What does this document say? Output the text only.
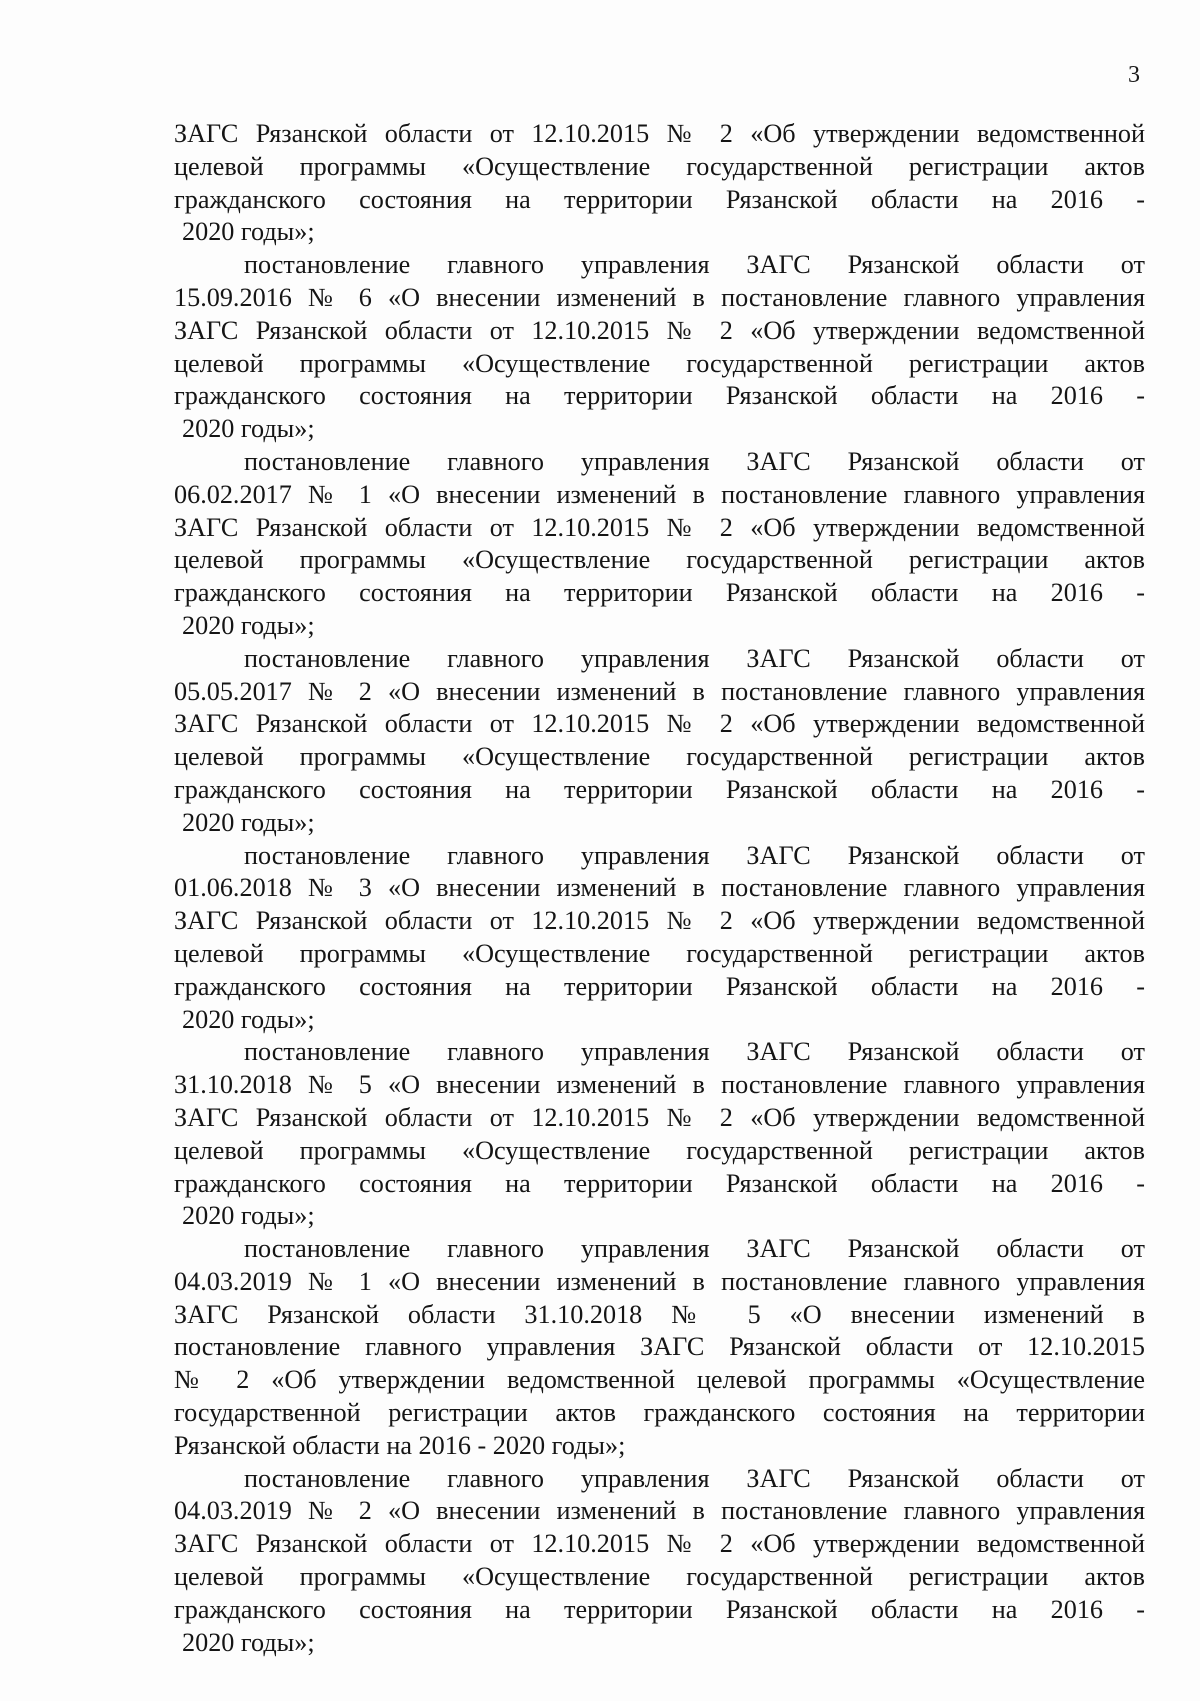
3
ЗАГС Рязанской области от 12.10.2015 № 2 «Об утверждении ведомственной
целевой программы «Осуществление государственной регистрации актов
гражданского состояния на территории Рязанской области на 2016 -
2020 годы»;
постановление главного управления ЗАГС Рязанской области от
15.09.2016 № 6 «О внесении изменений в постановление главного управления
ЗАГС Рязанской области от 12.10.2015 № 2 «Об утверждении ведомственной
целевой программы «Осуществление государственной регистрации актов
гражданского состояния на территории Рязанской области на 2016 -
2020 годы»;
постановление главного управления ЗАГС Рязанской области от
06.02.2017 № 1 «О внесении изменений в постановление главного управления
ЗАГС Рязанской области от 12.10.2015 № 2 «Об утверждении ведомственной
целевой программы «Осуществление государственной регистрации актов
гражданского состояния на территории Рязанской области на 2016 -
2020 годы»;
постановление главного управления ЗАГС Рязанской области от
05.05.2017 № 2 «О внесении изменений в постановление главного управления
ЗАГС Рязанской области от 12.10.2015 № 2 «Об утверждении ведомственной
целевой программы «Осуществление государственной регистрации актов
гражданского состояния на территории Рязанской области на 2016 -
2020 годы»;
постановление главного управления ЗАГС Рязанской области от
01.06.2018 № 3 «О внесении изменений в постановление главного управления
ЗАГС Рязанской области от 12.10.2015 № 2 «Об утверждении ведомственной
целевой программы «Осуществление государственной регистрации актов
гражданского состояния на территории Рязанской области на 2016 -
2020 годы»;
постановление главного управления ЗАГС Рязанской области от
31.10.2018 № 5 «О внесении изменений в постановление главного управления
ЗАГС Рязанской области от 12.10.2015 № 2 «Об утверждении ведомственной
целевой программы «Осуществление государственной регистрации актов
гражданского состояния на территории Рязанской области на 2016 -
2020 годы»;
постановление главного управления ЗАГС Рязанской области от
04.03.2019 № 1 «О внесении изменений в постановление главного управления
ЗАГС Рязанской области 31.10.2018 № 5 «О внесении изменений в
постановление главного управления ЗАГС Рязанской области от 12.10.2015
№ 2 «Об утверждении ведомственной целевой программы «Осуществление
государственной регистрации актов гражданского состояния на территории
Рязанской области на 2016 - 2020 годы»;
постановление главного управления ЗАГС Рязанской области от
04.03.2019 № 2 «О внесении изменений в постановление главного управления
ЗАГС Рязанской области от 12.10.2015 № 2 «Об утверждении ведомственной
целевой программы «Осуществление государственной регистрации актов
гражданского состояния на территории Рязанской области на 2016 -
2020 годы»;
